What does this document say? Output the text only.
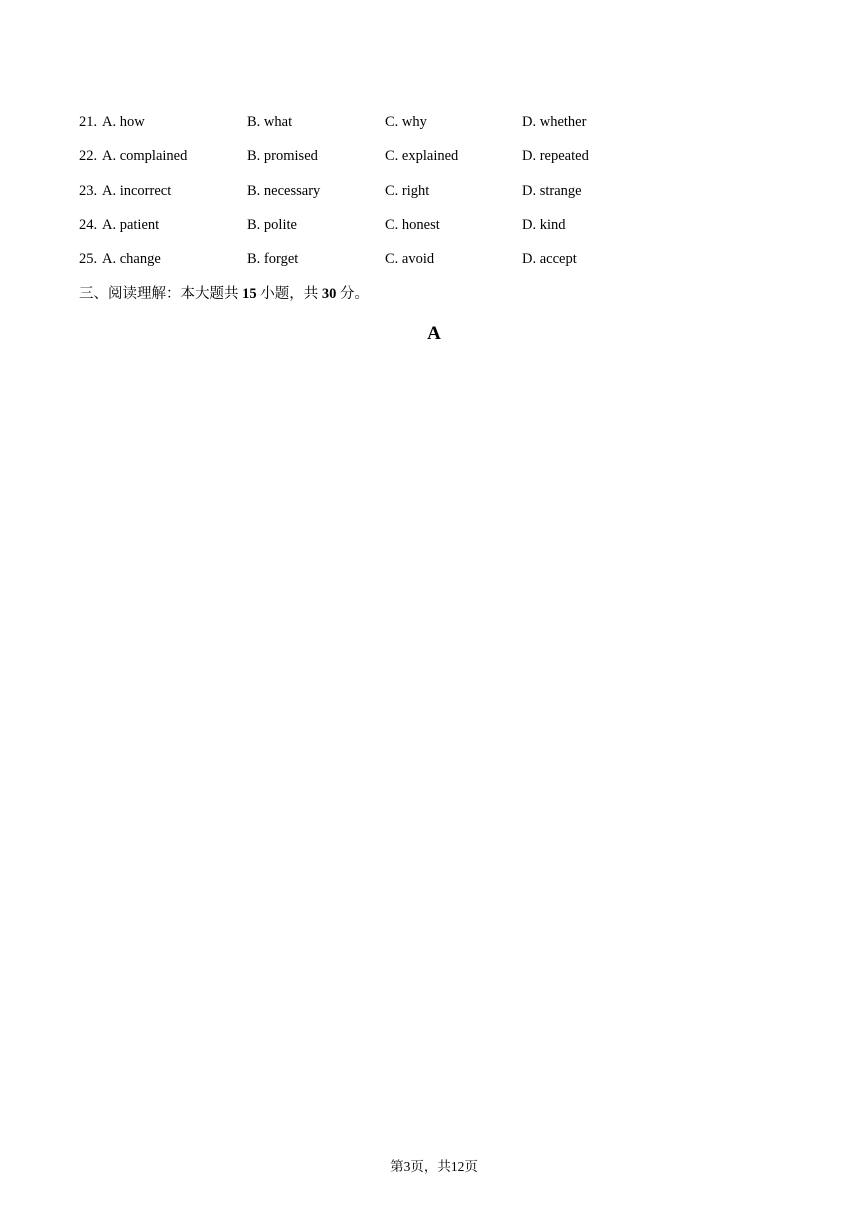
21. A. how	B. what	C. why	D. whether
22. A. complained	B. promised	C. explained	D. repeated
23. A. incorrect	B. necessary	C. right	D. strange
24. A. patient	B. polite	C. honest	D. kind
25. A. change	B. forget	C. avoid	D. accept
三、阅读理解：本大题共 15 小题，共 30 分。
A
第3页，共12页
